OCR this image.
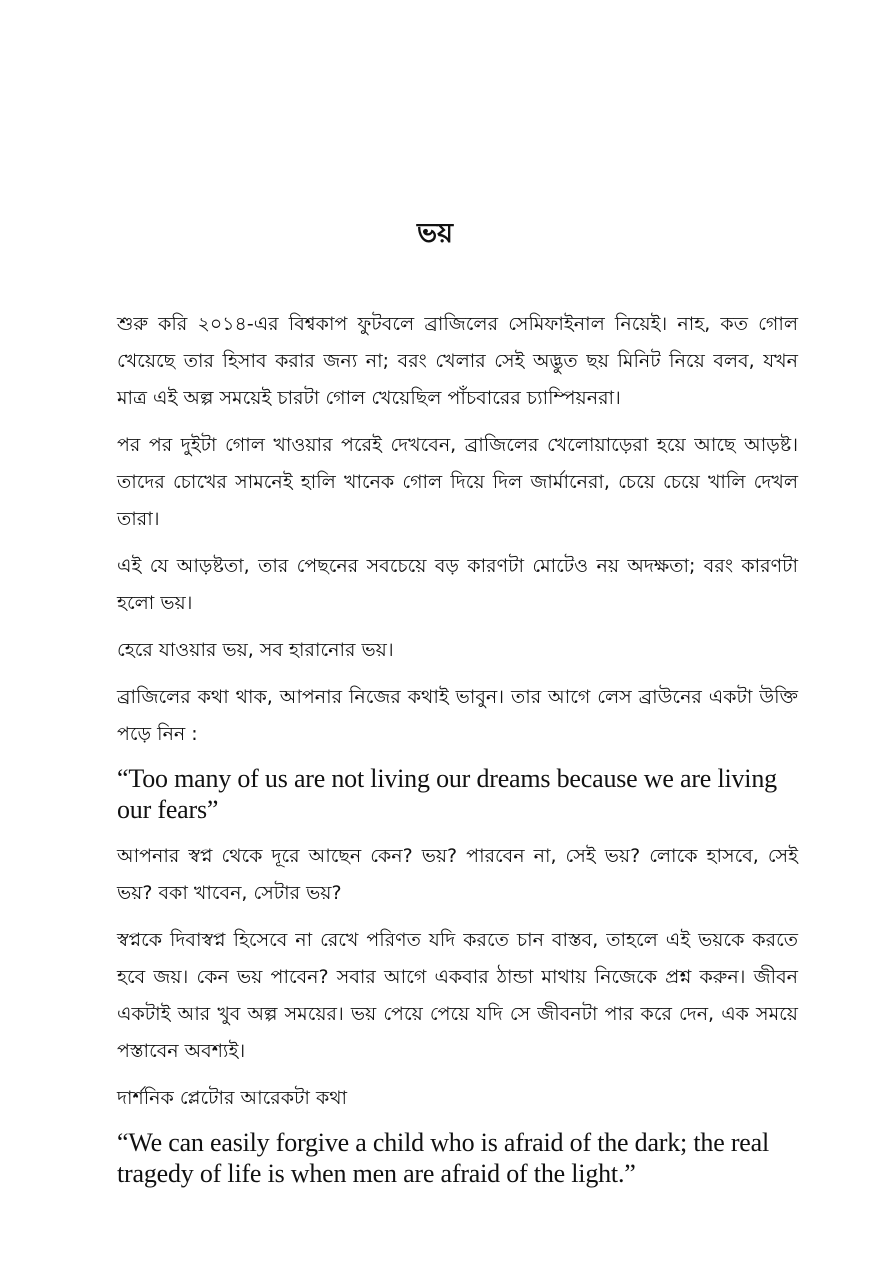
ভয়

শুরু করি ২০১৪-এর বিশ্বকাপ ফুটবলে ব্রাজিলের সেমিফাইনাল নিয়েই। নাহ, কত গোল খেয়েছে তার হিসাব করার জন্য না; বরং খেলার সেই অদ্ভুত ছয় মিনিট নিয়ে বলব, যখন মাত্র এই অল্প সময়েই চারটা গোল খেয়েছিল পাঁচবারের চ্যাম্পিয়নরা।

পর পর দুইটা গোল খাওয়ার পরেই দেখবেন, ব্রাজিলের খেলোয়াড়েরা হয়ে আছে আড়ষ্ট। তাদের চোখের সামনেই হালি খানেক গোল দিয়ে দিল জার্মানেরা, চেয়ে চেয়ে খালি দেখল তারা।

এই যে আড়ষ্টতা, তার পেছনের সবচেয়ে বড় কারণটা মোটেও নয় অদক্ষতা; বরং কারণটা হলো ভয়।

হেরে যাওয়ার ভয়, সব হারানোর ভয়।

ব্রাজিলের কথা থাক, আপনার নিজের কথাই ভাবুন। তার আগে লেস ব্রাউনের একটা উক্তি পড়ে নিন :

“Too many of us are not living our dreams because we are living our fears”

আপনার স্বপ্ন থেকে দূরে আছেন কেন? ভয়? পারবেন না, সেই ভয়? লোকে হাসবে, সেই ভয়? বকা খাবেন, সেটার ভয়?

স্বপ্নকে দিবাস্বপ্ন হিসেবে না রেখে পরিণত যদি করতে চান বাস্তব, তাহলে এই ভয়কে করতে হবে জয়। কেন ভয় পাবেন? সবার আগে একবার ঠান্ডা মাথায় নিজেকে প্রশ্ন করুন। জীবন একটাই আর খুব অল্প সময়ের। ভয় পেয়ে পেয়ে যদি সে জীবনটা পার করে দেন, এক সময়ে পস্তাবেন অবশ্যই।

দার্শনিক প্লেটোর আরেকটা কথা

“We can easily forgive a child who is afraid of the dark; the real tragedy of life is when men are afraid of the light.”
